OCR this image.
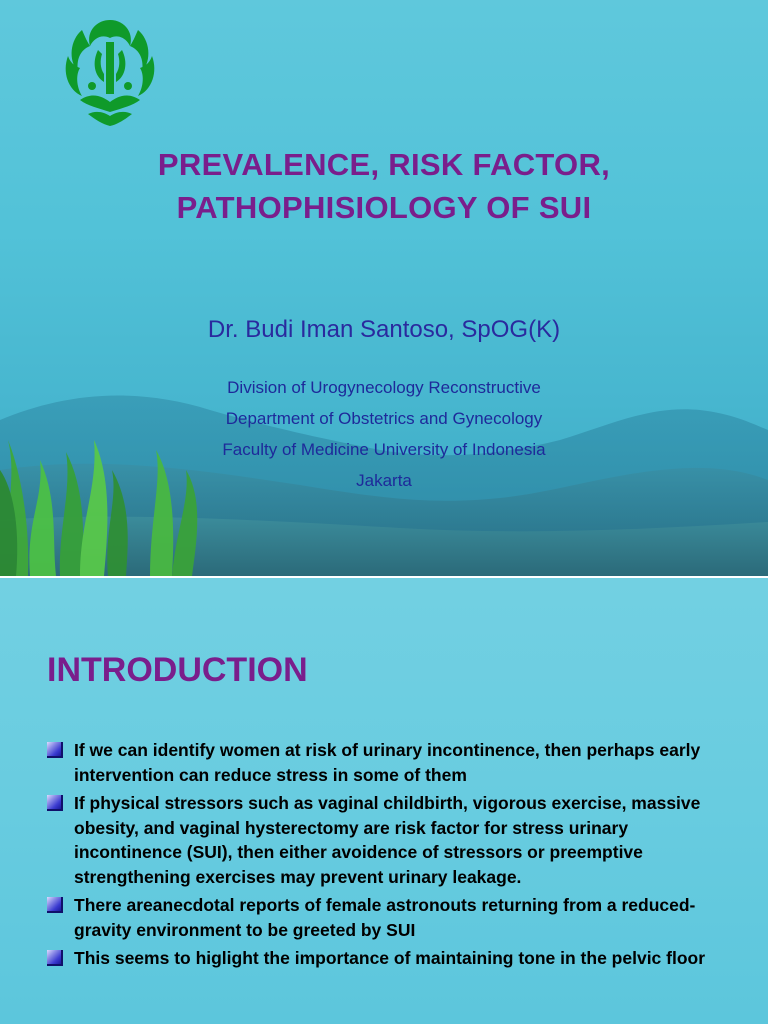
PREVALENCE, RISK FACTOR,
PATHOPHISIOLOGY OF SUI
Dr. Budi Iman Santoso, SpOG(K)
Division of Urogynecology Reconstructive
Department of Obstetrics and Gynecology
Faculty of Medicine University of Indonesia
Jakarta
INTRODUCTION
If we can identify women at risk of urinary incontinence, then perhaps early intervention can reduce stress in some of them
If physical stressors such as vaginal childbirth, vigorous exercise, massive obesity, and vaginal hysterectomy are risk factor for stress urinary incontinence (SUI), then either avoidence of stressors or preemptive strengthening exercises may prevent urinary leakage.
There areanecdotal reports of female astronouts returning from a reduced-gravity environment to be greeted by SUI
This seems to higlight the importance of maintaining tone in the pelvic floor
